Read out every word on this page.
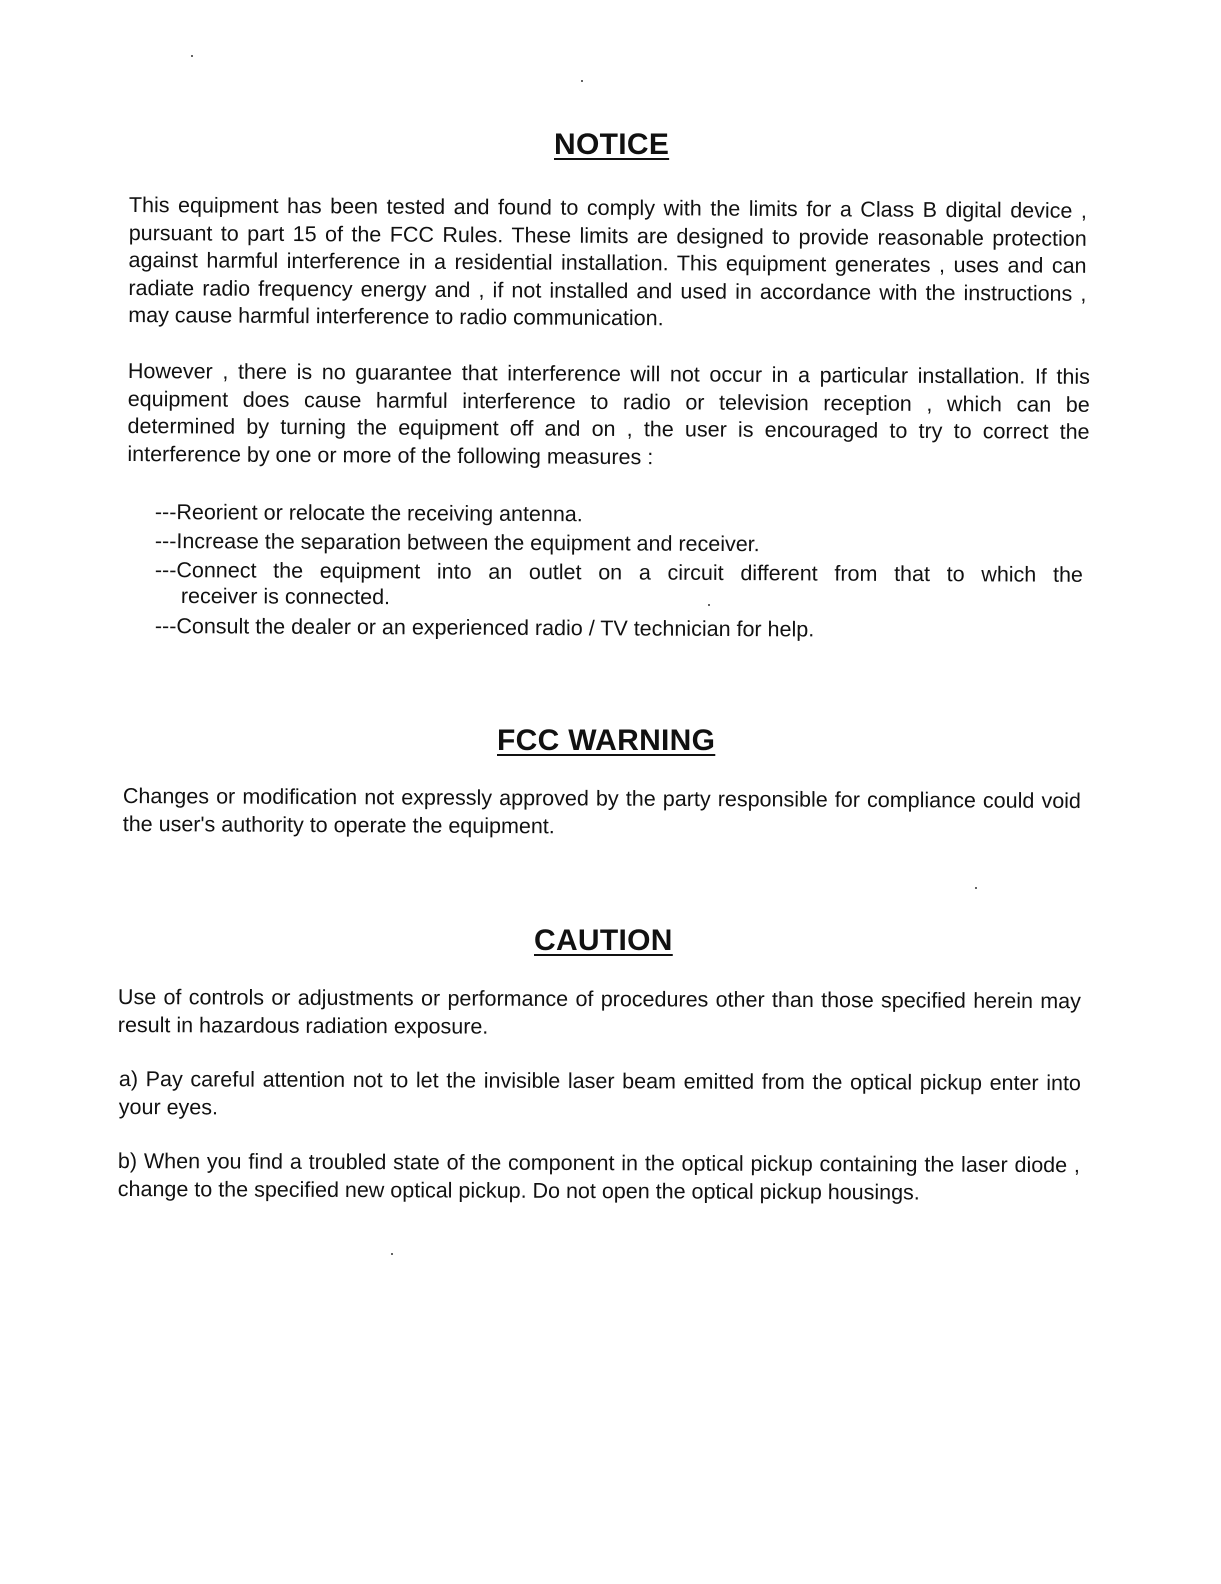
NOTICE

This equipment has been tested and found to comply with the limits for a Class B digital device , pursuant to part 15 of the FCC Rules. These limits are designed to provide reasonable protection against harmful interference in a residential installation. This equipment generates , uses and can radiate radio frequency energy and , if not installed and used in accordance with the instructions , may cause harmful interference to radio communication.

However , there is no guarantee that interference will not occur in a particular installation. If this equipment does cause harmful interference to radio or television reception , which can be determined by turning the equipment off and on , the user is encouraged to try to correct the interference by one or more of the following measures :

---Reorient or relocate the receiving antenna.

---Increase the separation between the equipment and receiver.

---Connect the equipment into an outlet on a circuit different from that to which the

receiver is connected.

---Consult the dealer or an experienced radio / TV technician for help.

FCC WARNING

Changes or modification not expressly approved by the party responsible for compliance could void the user's authority to operate the equipment.

CAUTION

Use of controls or adjustments or performance of procedures other than those specified herein may result in hazardous radiation exposure.

a) Pay careful attention not to let the invisible laser beam emitted from the optical pickup enter into your eyes.

b) When you find a troubled state of the component in the optical pickup containing the laser diode , change to the specified new optical pickup. Do not open the optical pickup housings.
